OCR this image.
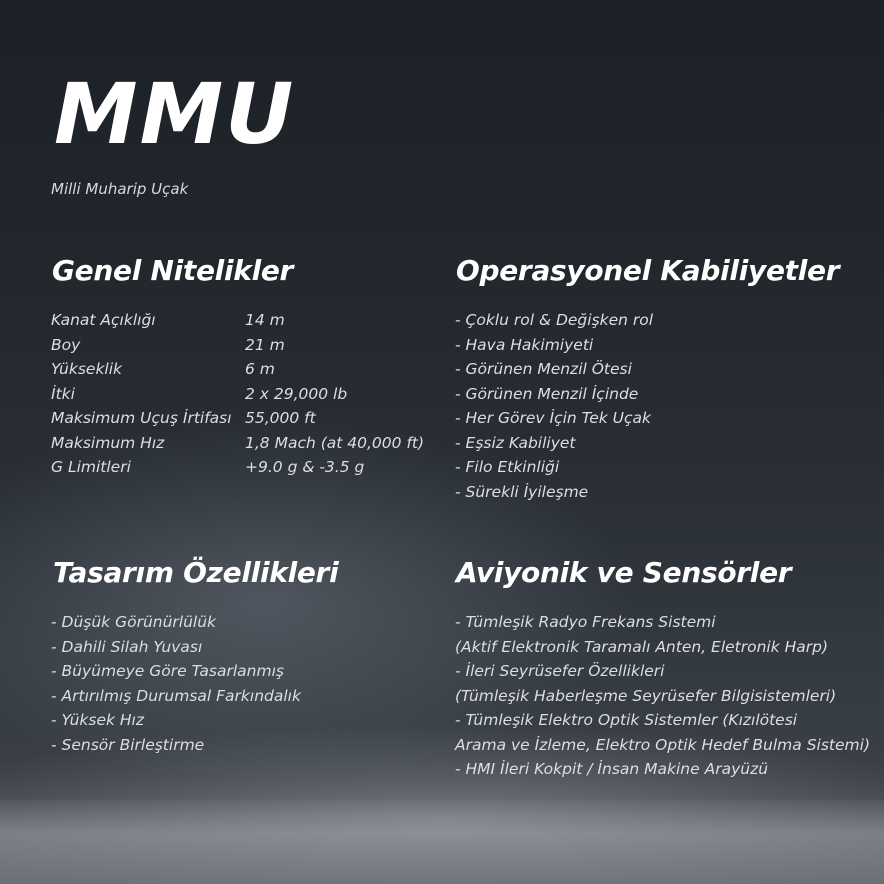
MMU
Milli Muharip Uçak
Genel Nitelikler
Kanat Açıklığı	14 m
Boy	21 m
Yükseklik	6 m
İtki	2 x 29,000 lb
Maksimum Uçuş İrtifası 55,000 ft
Maksimum Hız	1,8 Mach (at 40,000 ft)
G Limitleri	+9.0 g & -3.5 g
Operasyonel Kabiliyetler
- Çoklu rol & Değişken rol
- Hava Hakimiyeti
- Görünen Menzil Ötesi
- Görünen Menzil İçinde
- Her Görev İçin Tek Uçak
- Eşsiz Kabiliyet
- Filo Etkinliği
- Sürekli İyileşme
Tasarım Özellikleri
- Düşük Görünürlülük
- Dahili Silah Yuvası
- Büyümeye Göre Tasarlanmış
- Artırılmış Durumsal Farkındalık
- Yüksek Hız
- Sensör Birleştirme
Aviyonik ve Sensörler
- Tümleşik Radyo Frekans Sistemi
(Aktif Elektronik Taramalı Anten, Eletronik Harp)
- İleri Seyrüsefer Özellikleri
(Tümleşik Haberleşme Seyrüsefer Bilgisistemleri)
- Tümleşik Elektro Optik Sistemler (Kızılötesi
Arama ve İzleme, Elektro Optik Hedef Bulma Sistemi)
- HMI İleri Kokpit / İnsan Makine Arayüzü
